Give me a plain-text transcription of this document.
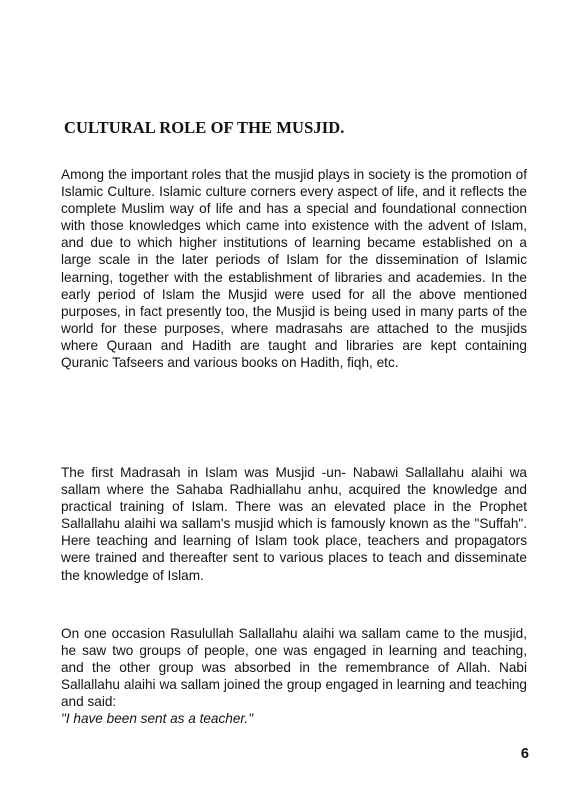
CULTURAL ROLE OF THE MUSJID.

Among the important roles that the musjid plays in society is the promotion of Islamic Culture. Islamic culture corners every aspect of life, and it reflects the complete Muslim way of life and has a special and foundational connection with those knowledges which came into existence with the advent of Islam, and due to which higher institutions of learning became established on a large scale in the later periods of Islam for the dissemination of Islamic learning, together with the establishment of libraries and academies. In the early period of Islam the Musjid were used for all the above mentioned purposes, in fact presently too, the Musjid is being used in many parts of the world for these purposes, where madrasahs are attached to the musjids where Quraan and Hadith are taught and libraries are kept containing Quranic Tafseers and various books on Hadith, fiqh, etc.

The first Madrasah in Islam was Musjid -un- Nabawi Sallallahu alaihi wa sallam where the Sahaba Radhiallahu anhu, acquired the knowledge and practical training of Islam. There was an elevated place in the Prophet Sallallahu alaihi wa sallam's musjid which is famously known as the "Suffah". Here teaching and learning of Islam took place, teachers and propagators were trained and thereafter sent to various places to teach and disseminate the knowledge of Islam.

On one occasion Rasulullah Sallallahu alaihi wa sallam came to the musjid, he saw two groups of people, one was engaged in learning and teaching, and the other group was absorbed in the remembrance of Allah. Nabi Sallallahu alaihi wa sallam joined the group engaged in learning and teaching and said:
"I have been sent as a teacher."
6
